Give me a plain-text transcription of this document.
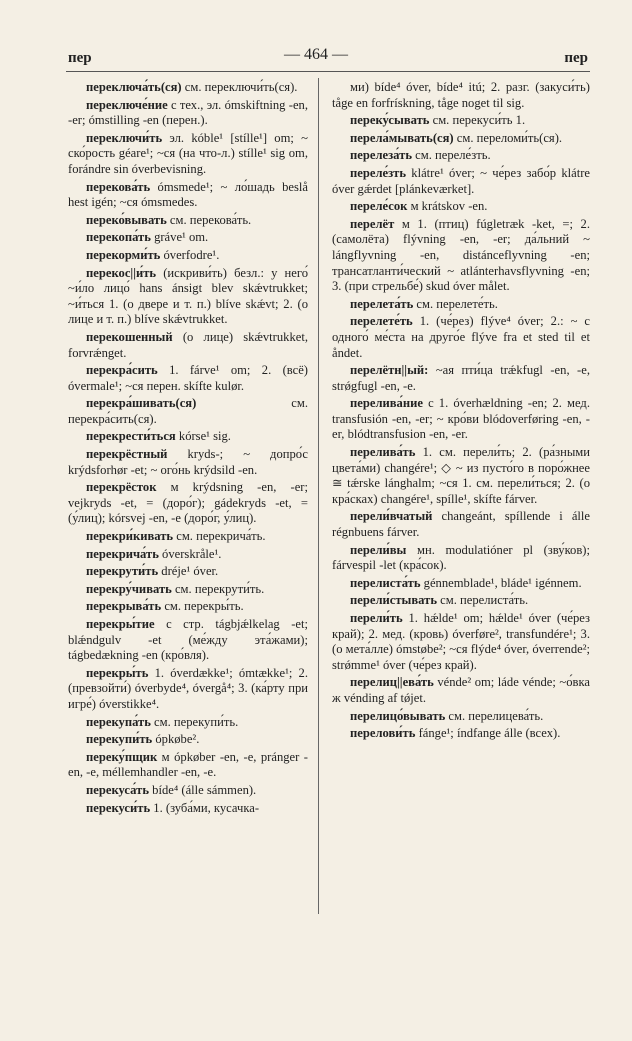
пер	— 464 —	пер

переключа́ть(ся) см. переключи́ть(ся).

переключе́ние с тех., эл. ómskiftning -en, -er; ómstilling -en (перен.).

переключи́ть эл. kóble¹ [stílle¹] om; ~ ско́рость géare¹; ~ся (на что-л.) stílle¹ sig om, forándre sin óverbevisning.

перекова́ть ómsmede¹; ~ ло́шадь beslå hest igén; ~ся ómsmedes.

переко́вывать см. перекова́ть.

перекопа́ть gráve¹ om.

перекорми́ть óverfodre¹.

перекос||и́ть (искриви́ть) безл.: у него́ ~и́ло лицо́ hans ánsigt blev skǽvtrukket; ~и́ться 1. (о двере и т. п.) blíve skǽvt; 2. (о лице и т. п.) blíve skǽvtrukket.

перекошенный (о лице) skǽvtrukket, forvrǽnget.

перекра́сить 1. fárve¹ om; 2. (всё) óvermale¹; ~ся перен. skífte kulør.

перекра́шивать(ся)	см. перекра́сить(ся).

перекрести́ться kórse¹ sig.

перекрёстный kryds-; ~ допро́с krýdsforhør -et; ~ ого́нь krýdsild -en.

перекрёсток м krýdsning -en, -er; vejkryds -et, = (доро́г); gádekryds -et, = (у́лиц); kórsvej -en, -e (доро́г, у́лиц).

перекри́кивать см. перекрича́ть.

перекрича́ть óverskråle¹.

перекрути́ть dréje¹ óver.

перекру́чивать см. перекрути́ть.

перекрыва́ть см. перекры́ть.

перекры́тие с стр. tágbjǽlkelag -et; blǽndgulv -et (ме́жду эта́жами); tágbedækning -en (кро́вля).

перекры́ть 1. óverdække¹; ómtække¹; 2. (превзойти́) óverbyde⁴, óvergå⁴; 3. (ка́рту при игре́) óverstikke⁴.

перекупа́ть см. перекупи́ть.

перекупи́ть ópkøbe².

переку́пщик м ópkøber -en, -e, pránger -en, -e, méllemhandler -en, -e.

перекуса́ть bíde⁴ (álle sámmen).

перекуси́ть 1. (зуба́ми, кусачка-

ми) bíde⁴ óver, bíde⁴ itú; 2. разг. (закуси́ть) tåge en forfrískning, tåge noget til sig.

переку́сывать см. перекуси́ть 1.

перела́мывать(ся) см. переломи́ть(ся).

перелеза́ть см. переле́зть.

переле́зть klátre¹ óver; ~ че́рез забо́р klátre óver gǽrdet [plánkeværket].

переле́сок м krátskov -en.

перелёт м 1. (птиц) fúgletræk -ket, =; 2. (самолёта) flývning -en, -er; да́льний ~ lángflyvning -en, distánceflyvning -en; трансатланти́ческий ~ atlánterhavsflyvning -en; 3. (при стрельбе́) skud óver målet.

перелета́ть см. перелете́ть.

перелете́ть 1. (че́рез) flýve⁴ óver; 2.: ~ с одного́ ме́ста на друго́е flýve fra et sted til et åndet.

перелётн||ый: ~ая пти́ца trǽkfugl -en, -e, strǿgfugl -en, -e.

перелива́ние с 1. óverhældning -en; 2. мед. transfusión -en, -er; ~ кро́ви blódoverføring -en, -er, blódtransfusion -en, -er.

перелива́ть 1. см. перели́ть; 2. (ра́зными цвета́ми) changére¹; ◇ ~ из пусто́го в поро́жнее ≅ tǽrske lánghalm; ~ся 1. см. перели́ться; 2. (о кра́сках) changére¹, spílle¹, skífte fárver.

перели́вчатый changeánt, spíllende i álle régnbuens fárver.

перели́вы мн. modulatióner pl (зву́ков); fárvespil -let (кра́сок).

перелиста́ть génnemblade¹, bláde¹ igénnem.

перели́стывать см. перелиста́ть.

перели́ть 1. hǽlde¹ om; hǽlde¹ óver (че́рез край); 2. мед. (кровь) óverføre², transfundére¹; 3. (о мета́лле) ómstøbe²; ~ся flýde⁴ óver, óverrende²; strǿmme¹ óver (че́рез край).

перелиц||ева́ть vénde² om; láde vénde; ~о́вка ж vénding af tǿjet.

перелицо́вывать см. перелицева́ть.

перелови́ть fánge¹; índfange álle (всех).
